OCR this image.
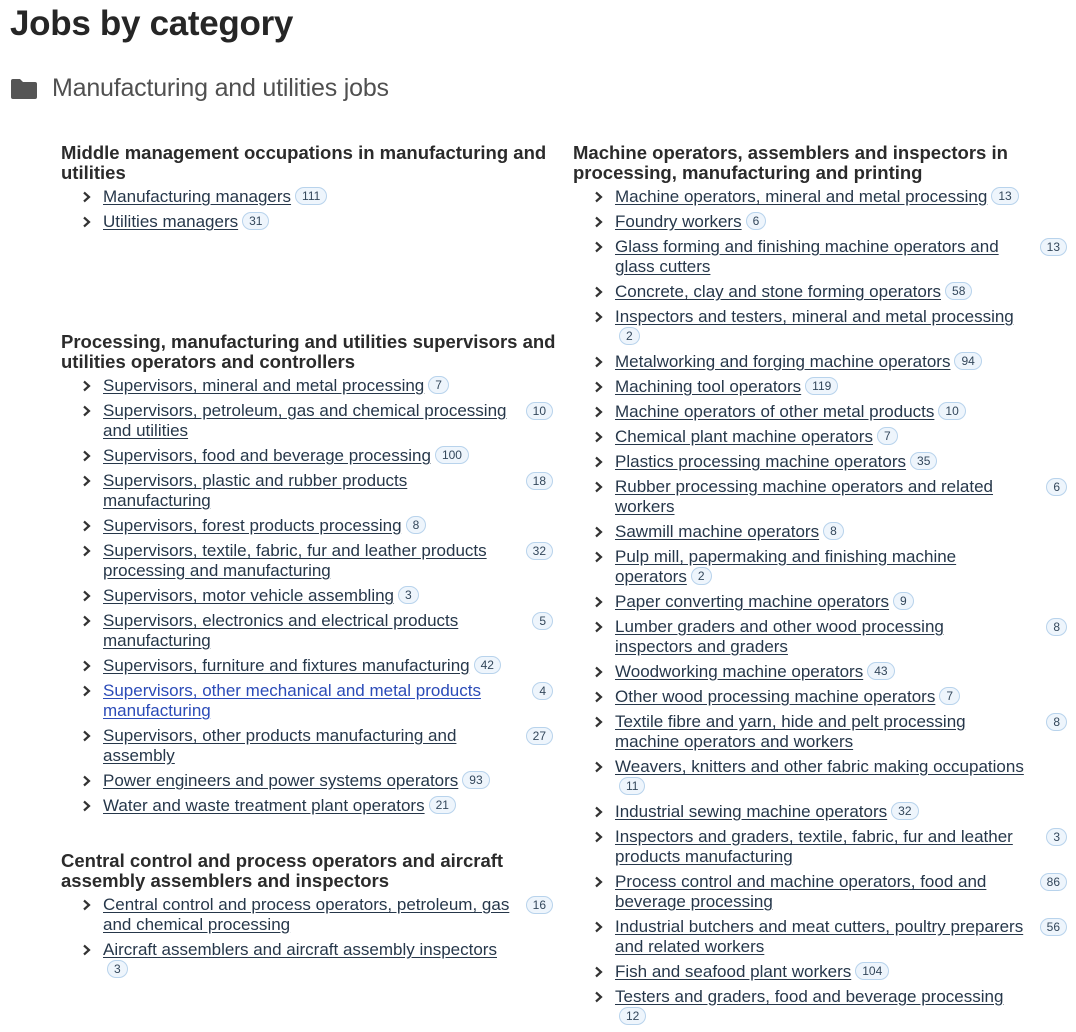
Jobs by category
Manufacturing and utilities jobs
Middle management occupations in manufacturing and utilities
Manufacturing managers 111
Utilities managers 31
Processing, manufacturing and utilities supervisors and utilities operators and controllers
Supervisors, mineral and metal processing 7
Supervisors, petroleum, gas and chemical processing and utilities
10
Supervisors, food and beverage processing 100
Supervisors, plastic and rubber products manufacturing
18
Supervisors, forest products processing 8
Supervisors, textile, fabric, fur and leather products processing and manufacturing
32
Supervisors, motor vehicle assembling 3
Supervisors, electronics and electrical products manufacturing
5
Supervisors, furniture and fixtures manufacturing 42
Supervisors, other mechanical and metal products manufacturing
4
Supervisors, other products manufacturing and assembly
27
Power engineers and power systems operators 93
Water and waste treatment plant operators 21
Central control and process operators and aircraft assembly assemblers and inspectors
Central control and process operators, petroleum, gas and chemical processing
16
Aircraft assemblers and aircraft assembly inspectors3
Machine operators, assemblers and inspectors in processing, manufacturing and printing
Machine operators, mineral and metal processing 13
Foundry workers 6
Glass forming and finishing machine operators and glass cutters
13
Concrete, clay and stone forming operators 58
Inspectors and testers, mineral and metal processing2
Metalworking and forging machine operators 94
Machining tool operators 119
Machine operators of other metal products 10
Chemical plant machine operators 7
Plastics processing machine operators 35
Rubber processing machine operators and related workers
6
Sawmill machine operators 8
Pulp mill, papermaking and finishing machine operators 2
Paper converting machine operators 9
Lumber graders and other wood processing inspectors and graders
8
Woodworking machine operators 43
Other wood processing machine operators 7
Textile fibre and yarn, hide and pelt processing machine operators and workers
8
Weavers, knitters and other fabric making occupations11
Industrial sewing machine operators 32
Inspectors and graders, textile, fabric, fur and leather products manufacturing
3
Process control and machine operators, food and beverage processing
86
Industrial butchers and meat cutters, poultry preparers and related workers
56
Fish and seafood plant workers 104
Testers and graders, food and beverage processing12
